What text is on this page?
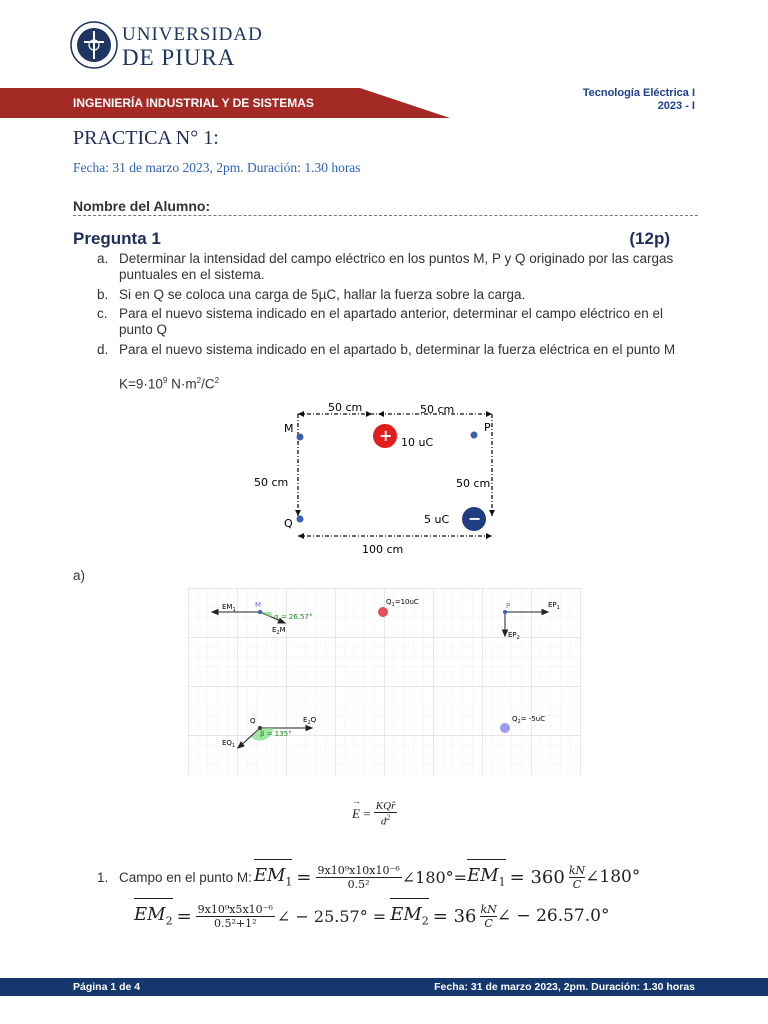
UNIVERSIDAD
DE PIURA
INGENIERÍA INDUSTRIAL Y DE SISTEMAS
Tecnología Eléctrica I
2023 - I
PRACTICA N° 1:
Fecha: 31 de marzo 2023, 2pm. Duración: 1.30 horas
Nombre del Alumno:
Pregunta 1	(12p)
a. Determinar la intensidad del campo eléctrico en los puntos M, P y Q originado por las cargas puntuales en el sistema.
b. Si en Q se coloca una carga de 5µC, hallar la fuerza sobre la carga.
c. Para el nuevo sistema indicado en el apartado anterior, determinar el campo eléctrico en el punto Q
d. Para el nuevo sistema indicado en el apartado b, determinar la fuerza eléctrica en el punto M
$K=9\cdot 10^9$ $N\cdot m^2/C^2$
50 cm	50 cm
50 cm	50 cm
100 cm
M	P
Q
+ 10 uC
−
5 uC
a)
$EM_1$
M
α = 26.57°
$E_2M$
$Q_1=10uC$	P	$EP_1$
$EP_2$
Q	$E_2Q$
$EQ_1$
β = 135°
$Q_2= -5uC$
→
E = KQr̂
$d^2$
1. Campo en el punto M: $EM_1 = \frac{\text{9x10⁹x10x10⁻⁶}}{\text{0.5²}}$ ∠180°= $EM_1 = 360$ kN
C ∠180°
$EM_2 = \frac{\text{9x10⁹x5x10⁻⁶}}{\text{0.5²+1²}}$ ∠ − $25.57^\circ = EM_2 = 36$ kN
C ∠ − 26.57.0°
Página 1 de 4	Fecha: 31 de marzo 2023, 2pm. Duración: 1.30 horas
